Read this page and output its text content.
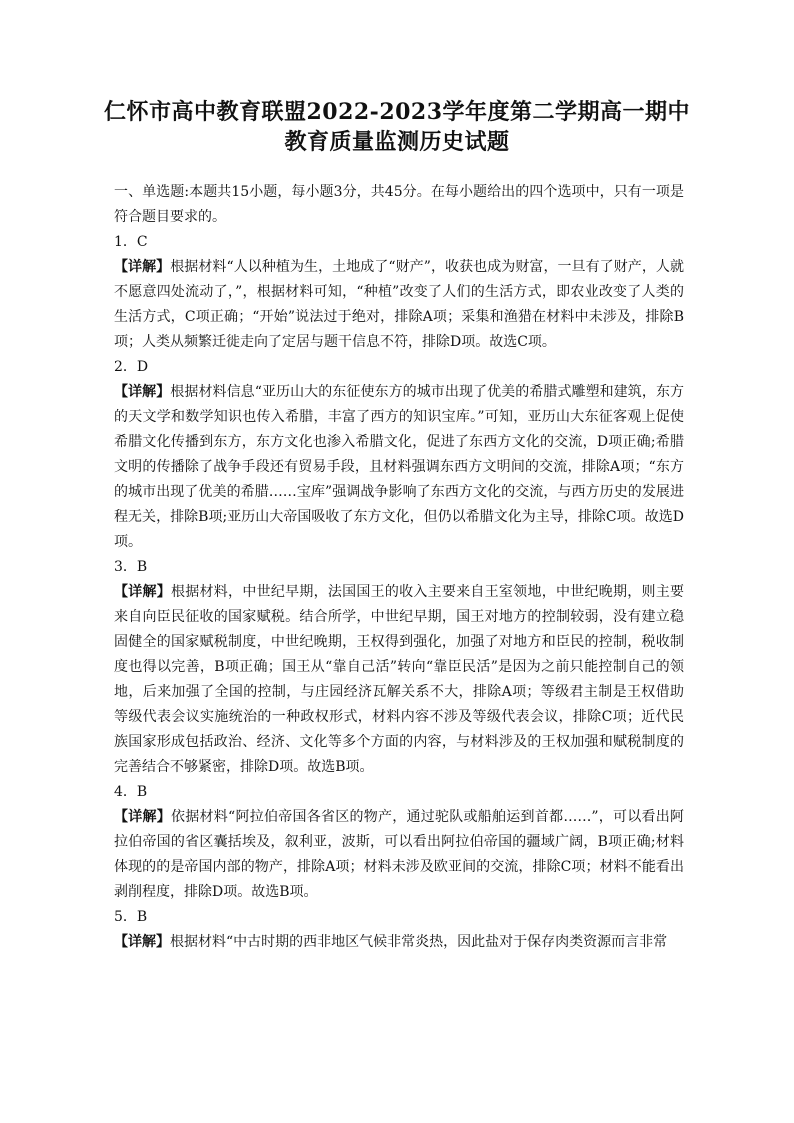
仁怀市高中教育联盟2022-2023学年度第二学期高一期中
教育质量监测历史试题

一、单选题:本题共15小题，每小题3分，共45分。在每小题给出的四个选项中，只有一项是符合题目要求的。

1．C

【详解】根据材料“人以种植为生，土地成了“财产”，收获也成为财富，一旦有了财产，人就不愿意四处流动了，”，根据材料可知，“种植”改变了人们的生活方式，即农业改变了人类的生活方式，C项正确；“开始”说法过于绝对，排除A项；采集和渔猎在材料中未涉及，排除B项；人类从频繁迁徙走向了定居与题干信息不符，排除D项。故选C项。

2．D

【详解】根据材料信息“亚历山大的东征使东方的城市出现了优美的希腊式雕塑和建筑，东方的天文学和数学知识也传入希腊，丰富了西方的知识宝库。”可知，亚历山大东征客观上促使希腊文化传播到东方，东方文化也渗入希腊文化，促进了东西方文化的交流，D项正确;希腊文明的传播除了战争手段还有贸易手段，且材料强调东西方文明间的交流，排除A项；“东方的城市出现了优美的希腊……宝库”强调战争影响了东西方文化的交流，与西方历史的发展进程无关，排除B项;亚历山大帝国吸收了东方文化，但仍以希腊文化为主导，排除C项。故选D项。

3．B

【详解】根据材料，中世纪早期，法国国王的收入主要来自王室领地，中世纪晚期，则主要来自向臣民征收的国家赋税。结合所学，中世纪早期，国王对地方的控制较弱，没有建立稳固健全的国家赋税制度，中世纪晚期，王权得到强化，加强了对地方和臣民的控制，税收制度也得以完善，B项正确；国王从“靠自己活”转向“靠臣民活”是因为之前只能控制自己的领地，后来加强了全国的控制，与庄园经济瓦解关系不大，排除A项；等级君主制是王权借助等级代表会议实施统治的一种政权形式，材料内容不涉及等级代表会议，排除C项；近代民族国家形成包括政治、经济、文化等多个方面的内容，与材料涉及的王权加强和赋税制度的完善结合不够紧密，排除D项。故选B项。

4．B

【详解】依据材料“阿拉伯帝国各省区的物产，通过驼队或船舶运到首都……”，可以看出阿拉伯帝国的省区囊括埃及，叙利亚，波斯，可以看出阿拉伯帝国的疆域广阔，B项正确;材料体现的的是帝国内部的物产，排除A项；材料未涉及欧亚间的交流，排除C项；材料不能看出剥削程度，排除D项。故选B项。

5．B

【详解】根据材料“中古时期的西非地区气候非常炎热，因此盐对于保存肉类资源而言非常
